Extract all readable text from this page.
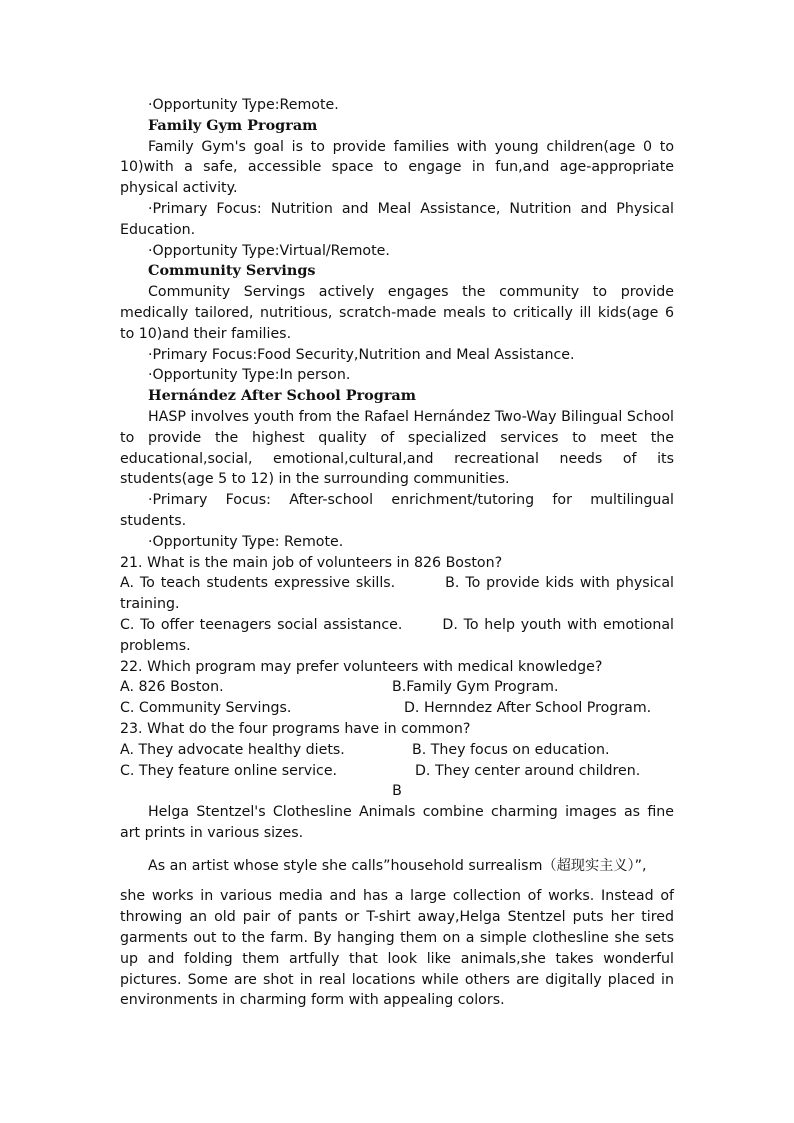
·Opportunity Type:Remote.

Family Gym Program

Family Gym's goal is to provide families with young children(age 0 to 10)with a safe, accessible space to engage in fun,and age-appropriate physical activity.

·Primary Focus: Nutrition and Meal Assistance, Nutrition and Physical Education.

·Opportunity Type:Virtual/Remote.

Community Servings

Community Servings actively engages the community to provide medically tailored, nutritious, scratch-made meals to critically ill kids(age 6 to 10)and their families.

·Primary Focus:Food Security,Nutrition and Meal Assistance.

·Opportunity Type:In person.

Hernández After School Program

HASP involves youth from the Rafael Hernández Two-Way Bilingual School to provide the highest quality of specialized services to meet the educational,social, emotional,cultural,and recreational needs of its students(age 5 to 12) in the surrounding communities.

·Primary Focus: After-school enrichment/tutoring for multilingual students.

·Opportunity Type: Remote.

21. What is the main job of volunteers in 826 Boston?

A. To teach students expressive skills.	B. To provide kids with physical training.

C. To offer teenagers social assistance.	D. To help youth with emotional problems.

22. Which program may prefer volunteers with medical knowledge?

A. 826 Boston.	B.Family Gym Program.

C. Community Servings.	D. Hernndez After School Program.

23. What do the four programs have in common?

A. They advocate healthy diets.	B. They focus on education.

C. They feature online service.	D. They center around children.

B

Helga Stentzel's Clothesline Animals combine charming images as fine art prints in various sizes.

As an artist whose style she calls”household surrealism（超现实主义）”,

she works in various media and has a large collection of works. Instead of throwing an old pair of pants or T-shirt away,Helga Stentzel puts her tired garments out to the farm. By hanging them on a simple clothesline she sets up and folding them artfully that look like animals,she takes wonderful pictures. Some are shot in real locations while others are digitally placed in environments in charming form with appealing colors.
